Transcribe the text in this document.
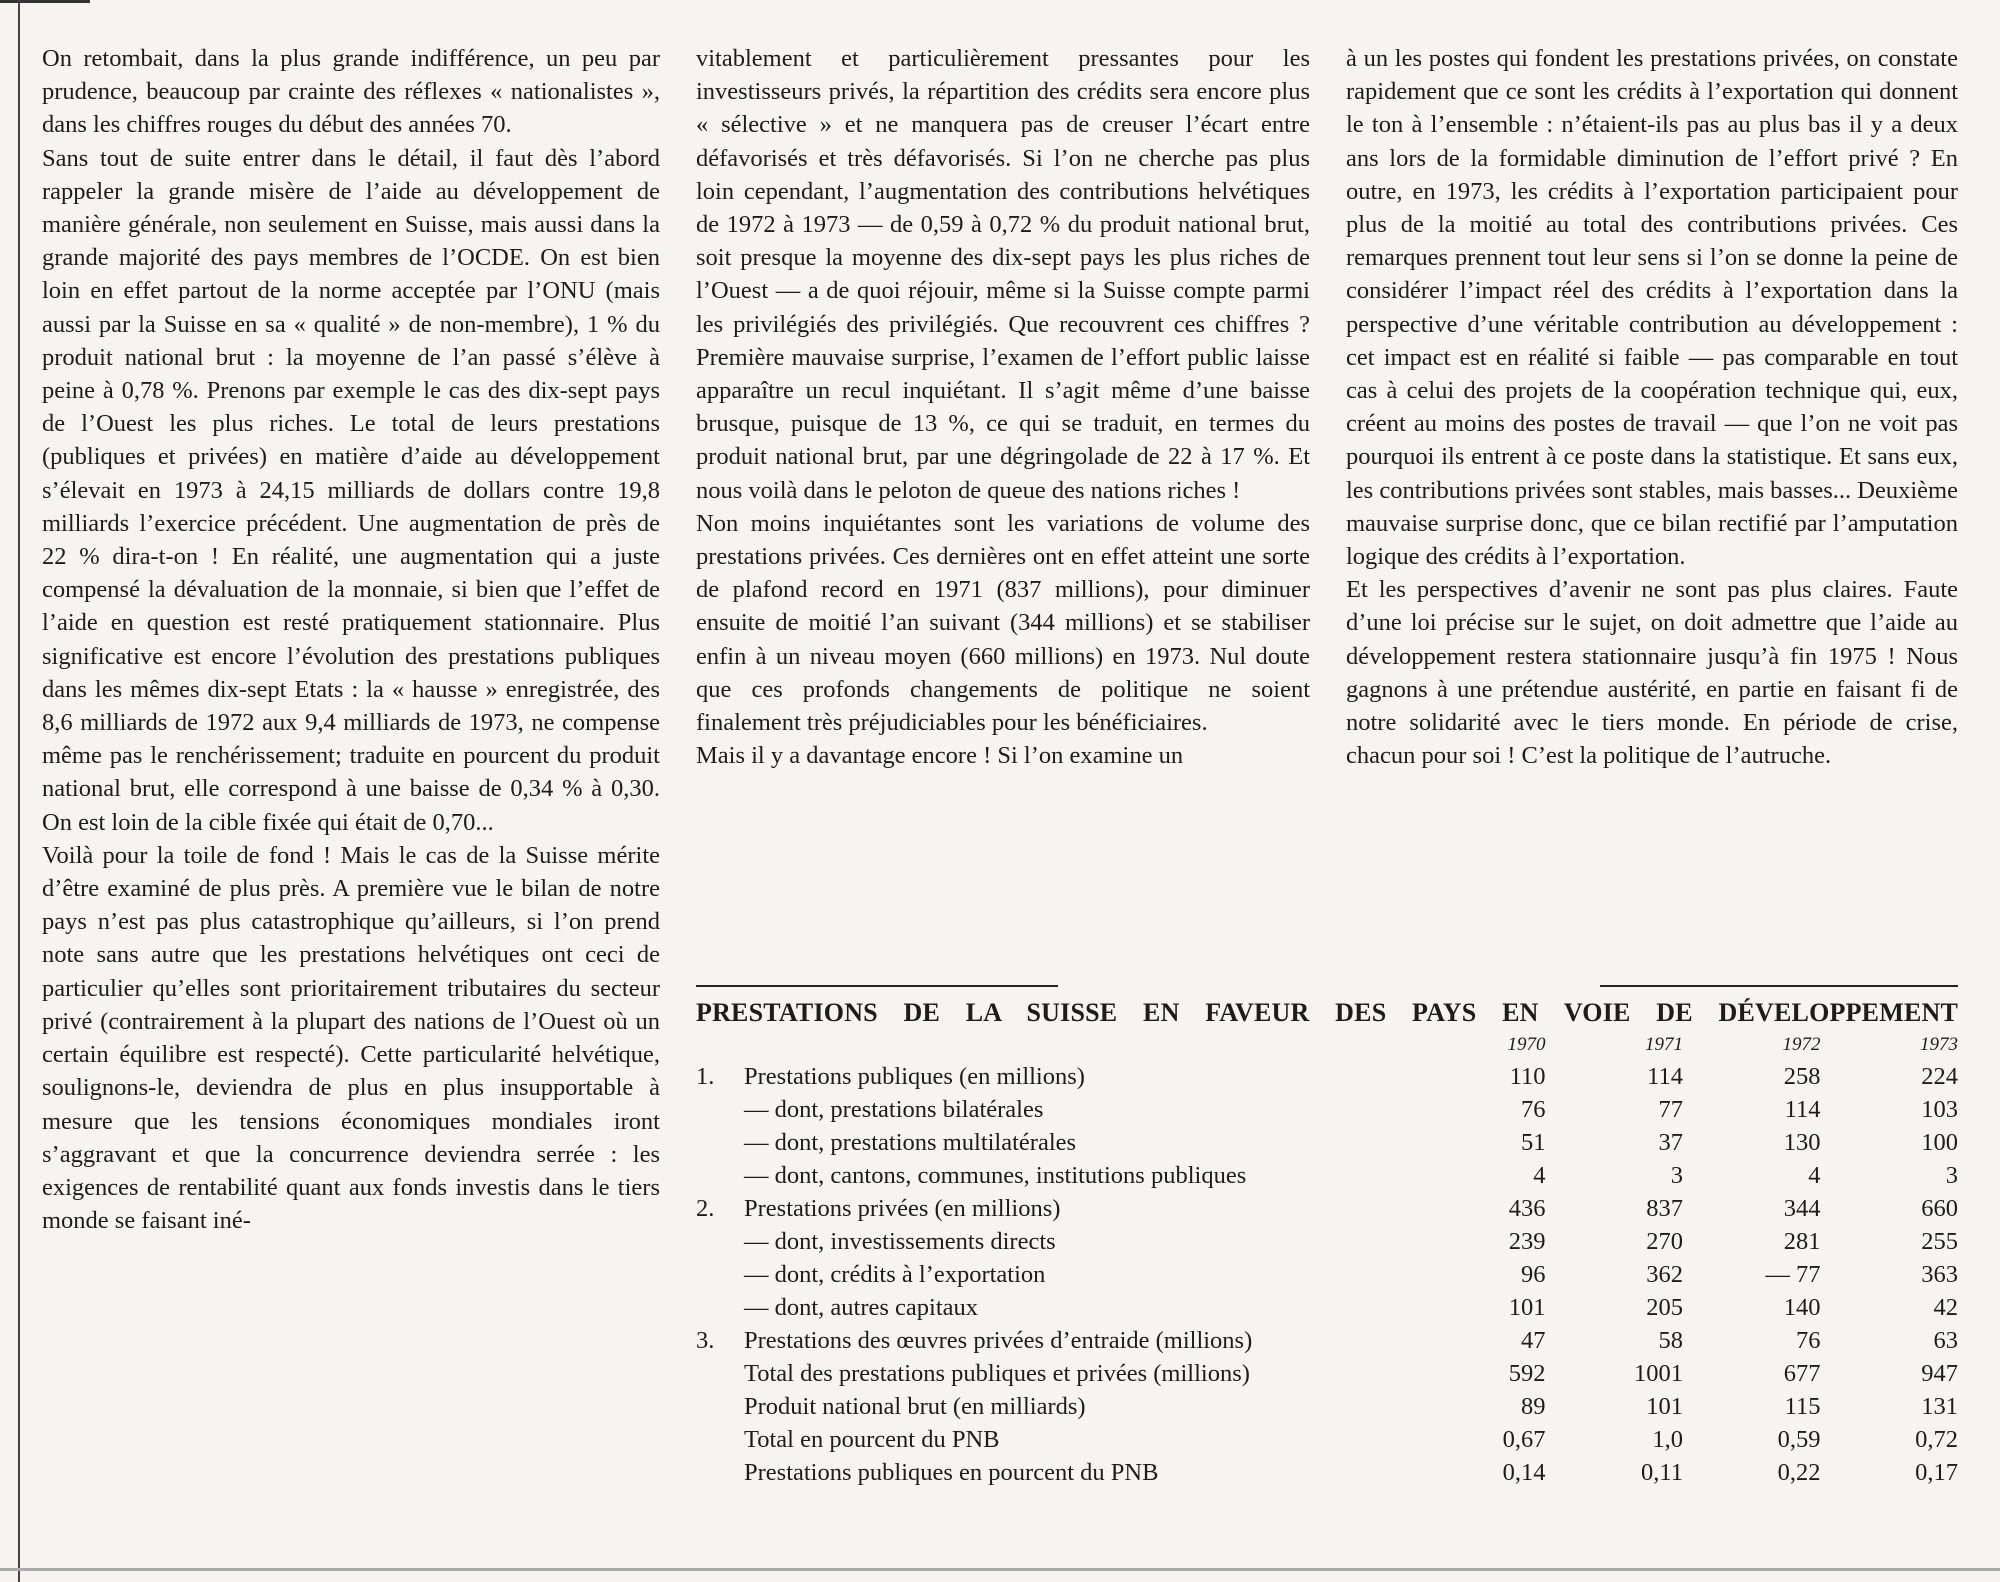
On retombait, dans la plus grande indifférence, un peu par prudence, beaucoup par crainte des réflexes « nationalistes », dans les chiffres rouges du début des années 70.

Sans tout de suite entrer dans le détail, il faut dès l’abord rappeler la grande misère de l’aide au développement de manière générale, non seulement en Suisse, mais aussi dans la grande majorité des pays membres de l’OCDE. On est bien loin en effet partout de la norme acceptée par l’ONU (mais aussi par la Suisse en sa « qualité » de non-membre), 1 % du produit national brut : la moyenne de l’an passé s’élève à peine à 0,78 %. Prenons par exemple le cas des dix-sept pays de l’Ouest les plus riches. Le total de leurs prestations (publiques et privées) en matière d’aide au développement s’élevait en 1973 à 24,15 milliards de dollars contre 19,8 milliards l’exercice précédent. Une augmentation de près de 22 % dira-t-on ! En réalité, une augmentation qui a juste compensé la dévaluation de la monnaie, si bien que l’effet de l’aide en question est resté pratiquement stationnaire. Plus significative est encore l’évolution des prestations publiques dans les mêmes dix-sept Etats : la « hausse » enregistrée, des 8,6 milliards de 1972 aux 9,4 milliards de 1973, ne compense même pas le renchérissement; traduite en pourcent du produit national brut, elle correspond à une baisse de 0,34 % à 0,30. On est loin de la cible fixée qui était de 0,70...

Voilà pour la toile de fond ! Mais le cas de la Suisse mérite d’être examiné de plus près. A première vue le bilan de notre pays n’est pas plus catastrophique qu’ailleurs, si l’on prend note sans autre que les prestations helvétiques ont ceci de particulier qu’elles sont prioritairement tributaires du secteur privé (contrairement à la plupart des nations de l’Ouest où un certain équilibre est respecté). Cette particularité helvétique, soulignons-le, deviendra de plus en plus insupportable à mesure que les tensions économiques mondiales iront s’aggravant et que la concurrence deviendra serrée : les exigences de rentabilité quant aux fonds investis dans le tiers monde se faisant iné-

vitablement et particulièrement pressantes pour les investisseurs privés, la répartition des crédits sera encore plus « sélective » et ne manquera pas de creuser l’écart entre défavorisés et très défavorisés. Si l’on ne cherche pas plus loin cependant, l’augmentation des contributions helvétiques de 1972 à 1973 — de 0,59 à 0,72 % du produit national brut, soit presque la moyenne des dix-sept pays les plus riches de l’Ouest — a de quoi réjouir, même si la Suisse compte parmi les privilégiés des privilégiés. Que recouvrent ces chiffres ? Première mauvaise surprise, l’examen de l’effort public laisse apparaître un recul inquiétant. Il s’agit même d’une baisse brusque, puisque de 13 %, ce qui se traduit, en termes du produit national brut, par une dégringolade de 22 à 17 %. Et nous voilà dans le peloton de queue des nations riches !

Non moins inquiétantes sont les variations de volume des prestations privées. Ces dernières ont en effet atteint une sorte de plafond record en 1971 (837 millions), pour diminuer ensuite de moitié l’an suivant (344 millions) et se stabiliser enfin à un niveau moyen (660 millions) en 1973. Nul doute que ces profonds changements de politique ne soient finalement très préjudiciables pour les bénéficiaires.

Mais il y a davantage encore ! Si l’on examine un

à un les postes qui fondent les prestations privées, on constate rapidement que ce sont les crédits à l’exportation qui donnent le ton à l’ensemble : n’étaient-ils pas au plus bas il y a deux ans lors de la formidable diminution de l’effort privé ? En outre, en 1973, les crédits à l’exportation participaient pour plus de la moitié au total des contributions privées. Ces remarques prennent tout leur sens si l’on se donne la peine de considérer l’impact réel des crédits à l’exportation dans la perspective d’une véritable contribution au développement : cet impact est en réalité si faible — pas comparable en tout cas à celui des projets de la coopération technique qui, eux, créent au moins des postes de travail — que l’on ne voit pas pourquoi ils entrent à ce poste dans la statistique. Et sans eux, les contributions privées sont stables, mais basses... Deuxième mauvaise surprise donc, que ce bilan rectifié par l’amputation logique des crédits à l’exportation.

Et les perspectives d’avenir ne sont pas plus claires. Faute d’une loi précise sur le sujet, on doit admettre que l’aide au développement restera stationnaire jusqu’à fin 1975 ! Nous gagnons à une prétendue austérité, en partie en faisant fi de notre solidarité avec le tiers monde. En période de crise, chacun pour soi ! C’est la politique de l’autruche.

PRESTATIONS DE LA SUISSE EN FAVEUR DES PAYS EN VOIE DE DÉVELOPPEMENT
		1970	1971	1972	1973
1.	Prestations publiques (en millions)	110	114	258	224
	— dont, prestations bilatérales	76	77	114	103
	— dont, prestations multilatérales	51	37	130	100
	— dont, cantons, communes, institutions publiques	4	3	4	3
2.	Prestations privées (en millions)	436	837	344	660
	— dont, investissements directs	239	270	281	255
	— dont, crédits à l’exportation	96	362	— 77	363
	— dont, autres capitaux	101	205	140	42
3.	Prestations des œuvres privées d’entraide (millions)	47	58	76	63
	Total des prestations publiques et privées (millions)	592	1001	677	947
	Produit national brut (en milliards)	89	101	115	131
	Total en pourcent du PNB	0,67	1,0	0,59	0,72
	Prestations publiques en pourcent du PNB	0,14	0,11	0,22	0,17
